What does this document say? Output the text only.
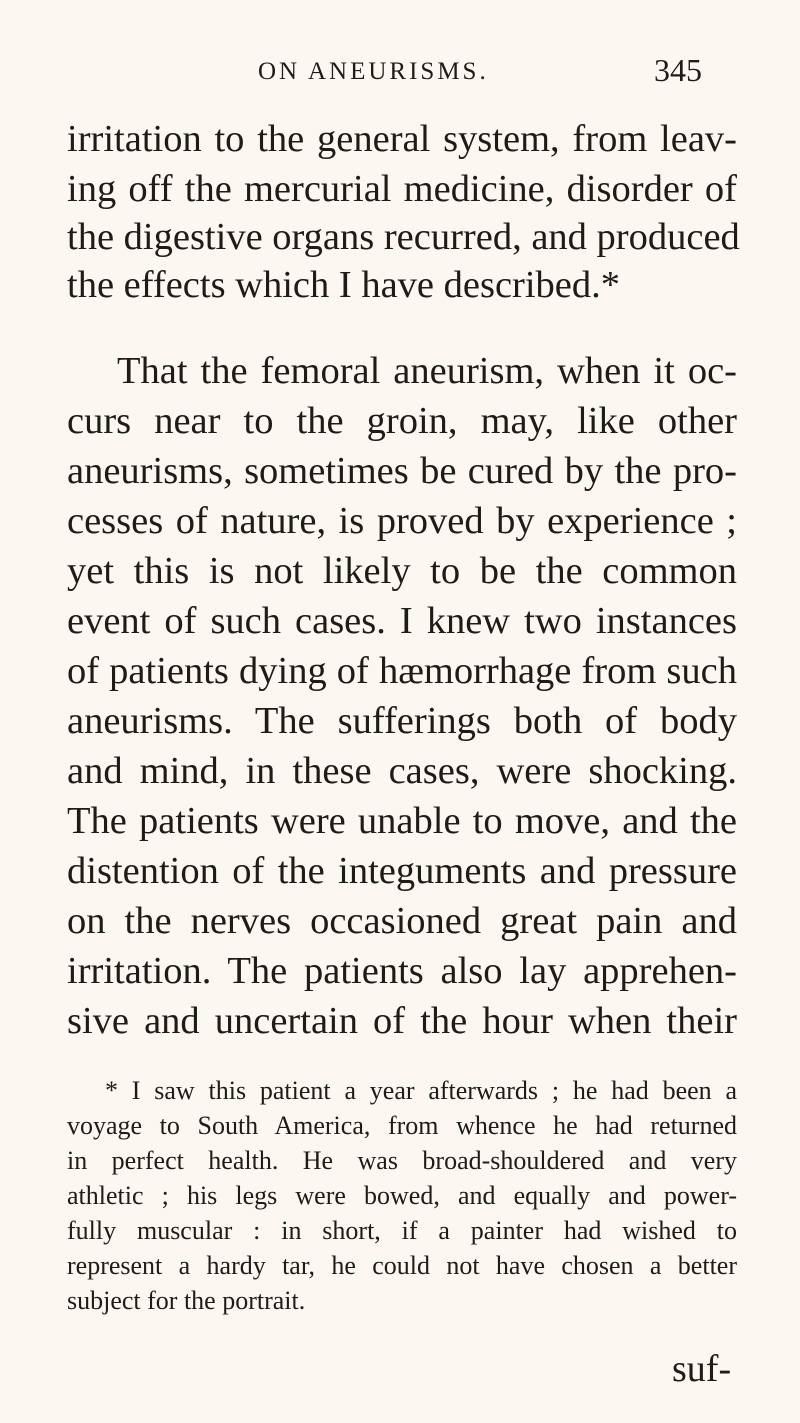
ON ANEURISMS.	345
irritation to the general system, from leav-
ing off the mercurial medicine, disorder of
the digestive organs recurred, and produced
the effects which I have described.*
That the femoral aneurism, when it oc-
curs near to the groin, may, like other
aneurisms, sometimes be cured by the pro-
cesses of nature, is proved by experience ;
yet this is not likely to be the common
event of such cases. I knew two instances
of patients dying of hæmorrhage from such
aneurisms. The sufferings both of body
and mind, in these cases, were shocking.
The patients were unable to move, and the
distention of the integuments and pressure
on the nerves occasioned great pain and
irritation. The patients also lay apprehen-
sive and uncertain of the hour when their
* I saw this patient a year afterwards ; he had been a
voyage to South America, from whence he had returned
in perfect health. He was broad-shouldered and very
athletic ; his legs were bowed, and equally and power-
fully muscular : in short, if a painter had wished to
represent a hardy tar, he could not have chosen a better
subject for the portrait.
suf-
